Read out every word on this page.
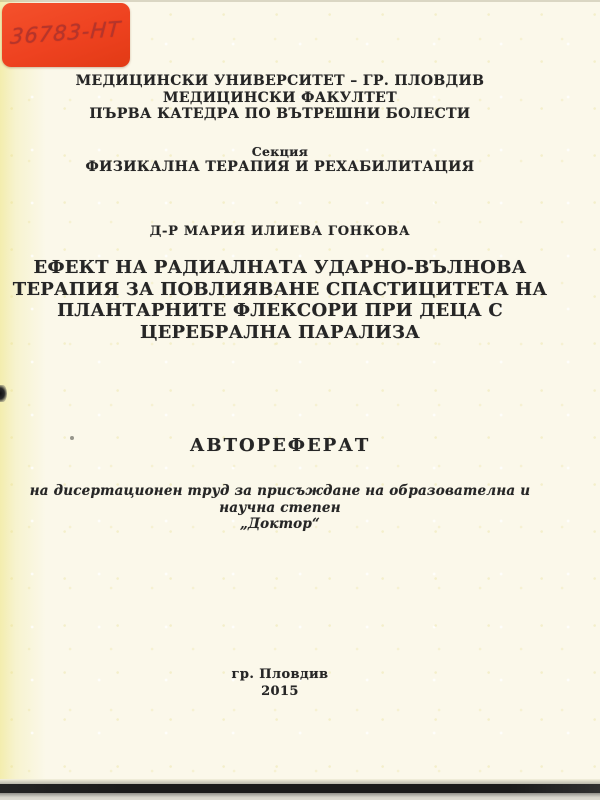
36783-НТ
МЕДИЦИНСКИ УНИВЕРСИТЕТ – ГР. ПЛОВДИВ
МЕДИЦИНСКИ ФАКУЛТЕТ
ПЪРВА КАТЕДРА ПО ВЪТРЕШНИ БОЛЕСТИ
Секция
ФИЗИКАЛНА ТЕРАПИЯ И РЕХАБИЛИТАЦИЯ
Д-Р МАРИЯ ИЛИЕВА ГОНКОВА
ЕФЕКТ НА РАДИАЛНАТА УДАРНО-ВЪЛНОВА
ТЕРАПИЯ ЗА ПОВЛИЯВАНЕ СПАСТИЦИТЕТА НА
ПЛАНТАРНИТЕ ФЛЕКСОРИ ПРИ ДЕЦА С
ЦЕРЕБРАЛНА ПАРАЛИЗА
АВТОРЕФЕРАТ
на дисертационен труд за присъждане на образователна и научна степен
„Доктор“
гр. Пловдив
2015
